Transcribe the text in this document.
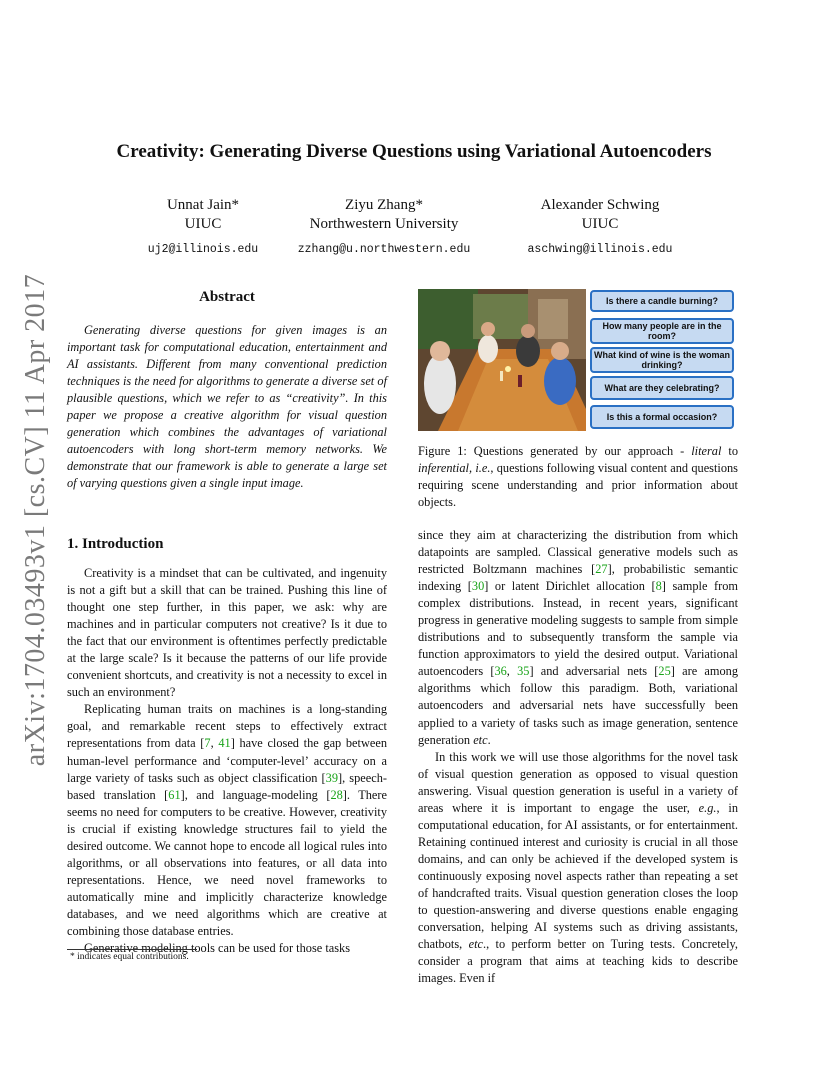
arXiv:1704.03493v1 [cs.CV] 11 Apr 2017
Creativity: Generating Diverse Questions using Variational Autoencoders
Unnat Jain*
UIUC
uj2@illinois.edu
Ziyu Zhang*
Northwestern University
zzhang@u.northwestern.edu
Alexander Schwing
UIUC
aschwing@illinois.edu
Abstract

Generating diverse questions for given images is an important task for computational education, entertainment and AI assistants. Different from many conventional prediction techniques is the need for algorithms to generate a diverse set of plausible questions, which we refer to as “creativity”. In this paper we propose a creative algorithm for visual question generation which combines the advantages of variational autoencoders with long short-term memory networks. We demonstrate that our framework is able to generate a large set of varying questions given a single input image.

Is there a candle burning?
How many people are in the room?
What kind of wine is the woman drinking?
What are they celebrating?
Is this a formal occasion?
Figure 1: Questions generated by our approach - literal to inferential, i.e., questions following visual content and questions requiring scene understanding and prior information about objects.
1. Introduction

Creativity is a mindset that can be cultivated, and ingenuity is not a gift but a skill that can be trained. Pushing this line of thought one step further, in this paper, we ask: why are machines and in particular computers not creative? Is it due to the fact that our environment is oftentimes perfectly predictable at the large scale? Is it because the patterns of our life provide convenient shortcuts, and creativity is not a necessity to excel in such an environment?

Replicating human traits on machines is a long-standing goal, and remarkable recent steps to effectively extract representations from data [7, 41] have closed the gap between human-level performance and ‘computer-level’ accuracy on a large variety of tasks such as object classification [39], speech-based translation [61], and language-modeling [28]. There seems no need for computers to be creative. However, creativity is crucial if existing knowledge structures fail to yield the desired outcome. We cannot hope to encode all logical rules into algorithms, or all observations into features, or all data into representations. Hence, we need novel frameworks to automatically mine and implicitly characterize knowledge databases, and we need algorithms which are creative at combining those database entries.

Generative modeling tools can be used for those tasks

since they aim at characterizing the distribution from which datapoints are sampled. Classical generative models such as restricted Boltzmann machines [27], probabilistic semantic indexing [30] or latent Dirichlet allocation [8] sample from complex distributions. Instead, in recent years, significant progress in generative modeling suggests to sample from simple distributions and to subsequently transform the sample via function approximators to yield the desired output. Variational autoencoders [36, 35] and adversarial nets [25] are among algorithms which follow this paradigm. Both, variational autoencoders and adversarial nets have successfully been applied to a variety of tasks such as image generation, sentence generation etc.

In this work we will use those algorithms for the novel task of visual question generation as opposed to visual question answering. Visual question generation is useful in a variety of areas where it is important to engage the user, e.g., in computational education, for AI assistants, or for entertainment. Retaining continued interest and curiosity is crucial in all those domains, and can only be achieved if the developed system is continuously exposing novel aspects rather than repeating a set of handcrafted traits. Visual question generation closes the loop to question-answering and diverse questions enable engaging conversation, helping AI systems such as driving assistants, chatbots, etc., to perform better on Turing tests. Concretely, consider a program that aims at teaching kids to describe images. Even if

* indicates equal contributions.
